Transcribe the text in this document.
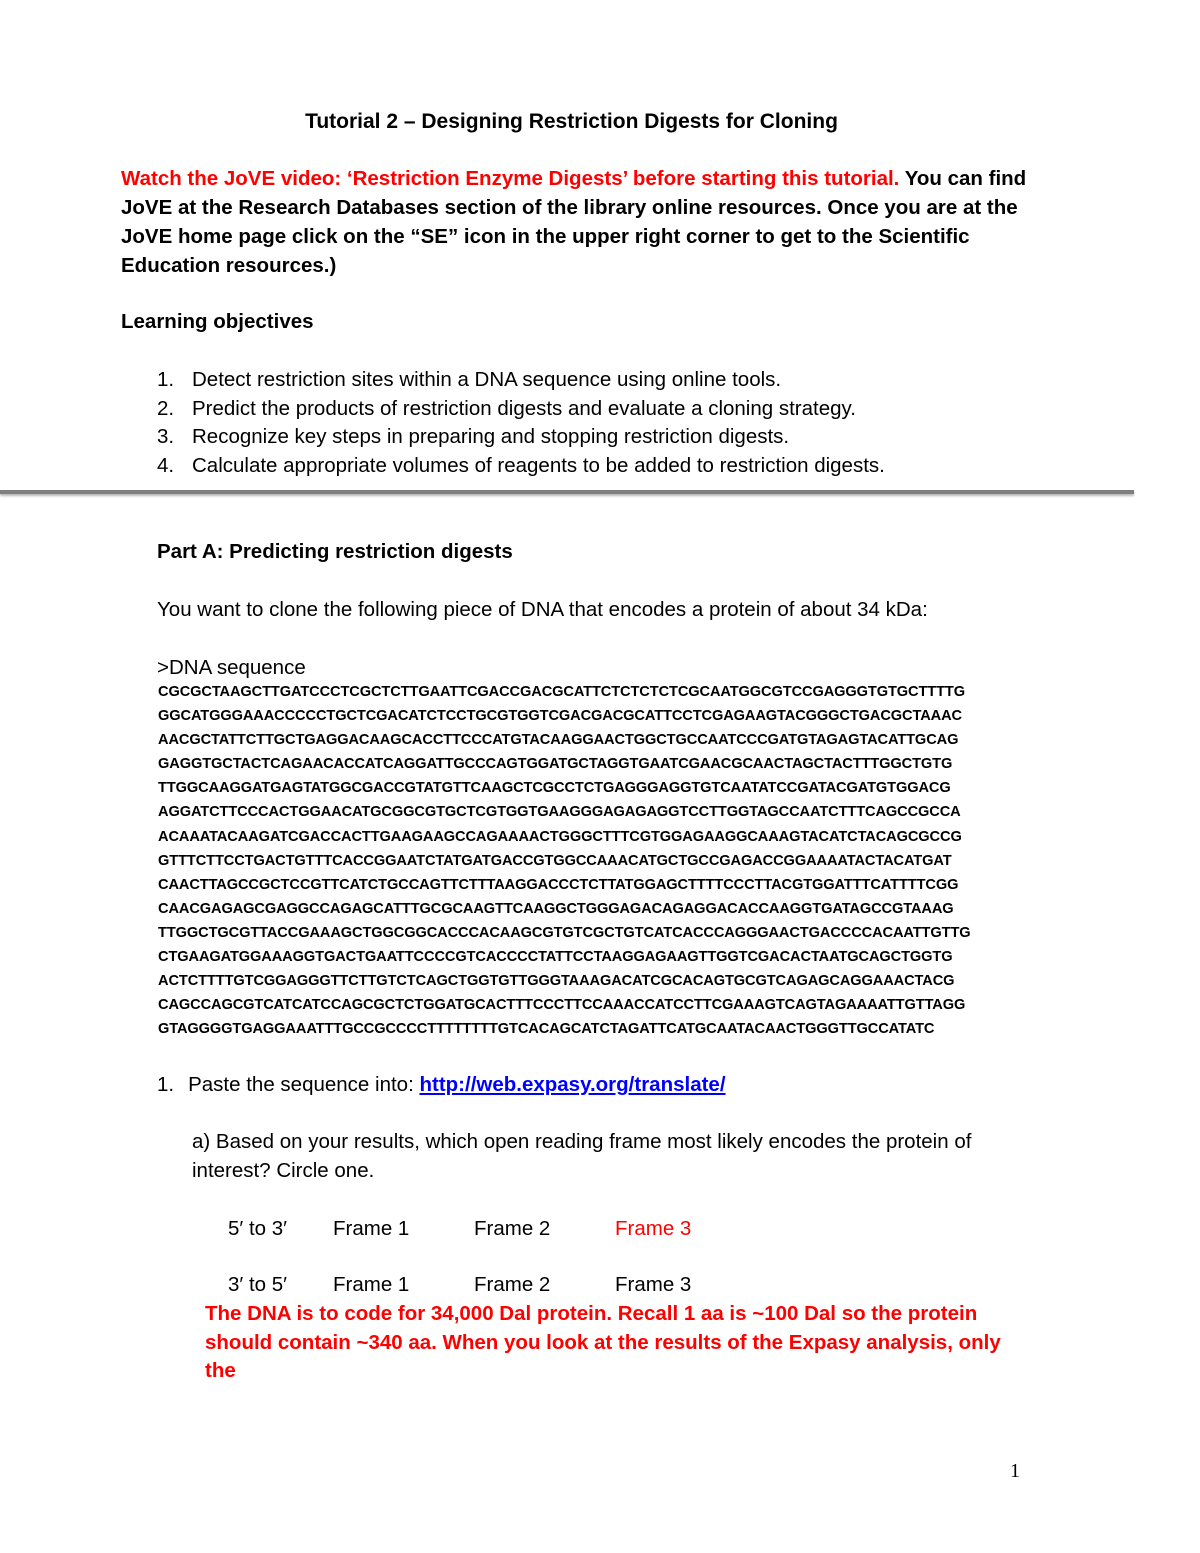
Tutorial 2 – Designing Restriction Digests for Cloning
Watch the JoVE video: ‘Restriction Enzyme Digests’ before starting this tutorial. You can find JoVE at the Research Databases section of the library online resources. Once you are at the JoVE home page click on the “SE” icon in the upper right corner to get to the Scientific Education resources.)
Learning objectives
1. Detect restriction sites within a DNA sequence using online tools.
2. Predict the products of restriction digests and evaluate a cloning strategy.
3. Recognize key steps in preparing and stopping restriction digests.
4. Calculate appropriate volumes of reagents to be added to restriction digests.
Part A: Predicting restriction digests
You want to clone the following piece of DNA that encodes a protein of about 34 kDa:
>DNA sequence
CGCGCTAAGCTTGATCCCTCGCTCTTGAATTCGACCGACGCATTCTCTCTCTCGCAATGGCGTCCGAGGGTGTGCTTTTG
GGCATGGGAAACCCCCTGCTCGACATCTCCTGCGTGGTCGACGACGCATTCCTCGAGAAGTACGGGCTGACGCTAAAC
AACGCTATTCTTGCTGAGGACAAGCACCTTCCCATGTACAAGGAACTGGCTGCCAATCCCGATGTAGAGTACATTGCAG
GAGGTGCTACTCAGAACACCATCAGGATTGCCCAGTGGATGCTAGGTGAATCGAACGCAACTAGCTACTTTGGCTGTG
TTGGCAAGGATGAGTATGGCGACCGTATGTTCAAGCTCGCCTCTGAGGGAGGTGTCAATATCCGATACGATGTGGACG
AGGATCTTCCCACTGGAACATGCGGCGTGCTCGTGGTGAAGGGAGAGAGGTCCTTGGTAGCCAATCTTTCAGCCGCCA
ACAAATACAAGATCGACCACTTGAAGAAGCCAGAAAACTGGGCTTTCGTGGAGAAGGCAAAGTACATCTACAGCGCCG
GTTTCTTCCTGACTGTTTCACCGGAATCTATGATGACCGTGGCCAAACATGCTGCCGAGACCGGAAAATACTACATGAT
CAACTTAGCCGCTCCGTTCATCTGCCAGTTCTTTAAGGACCCTCTTATGGAGCTTTTCCCTTACGTGGATTTCATTTTCGG
CAACGAGAGCGAGGCCAGAGCATTTGCGCAAGTTCAAGGCTGGGAGACAGAGGACACCAAGGTGATAGCCGTAAAG
TTGGCTGCGTTACCGAAAGCTGGCGGCACCCACAAGCGTGTCGCTGTCATCACCCAGGGAACTGACCCCACAATTGTTG
CTGAAGATGGAAAGGTGACTGAATTCCCCGTCACCCCTATTCCTAAGGAGAAGTTGGTCGACACTAATGCAGCTGGTG
ACTCTTTTGTCGGAGGGTTCTTGTCTCAGCTGGTGTTGGGTAAAGACATCGCACAGTGCGTCAGAGCAGGAAACTACG
CAGCCAGCGTCATCATCCAGCGCTCTGGATGCACTTTCCCTTCCAAACCATCCTTCGAAAGTCAGTAGAAAATTGTTAGG
GTAGGGGTGAGGAAATTTGCCGCCCCTTTTTTTTGTCACAGCATCTAGATTCATGCAATACAACTGGGTTGCCATATC
1. Paste the sequence into: http://web.expasy.org/translate/
a) Based on your results, which open reading frame most likely encodes the protein of interest? Circle one.
5′ to 3′ Frame 1	Frame 2	Frame 3
3′ to 5′ Frame 1	Frame 2	Frame 3
The DNA is to code for 34,000 Dal protein. Recall 1 aa is ~100 Dal so the protein should contain ~340 aa. When you look at the results of the Expasy analysis, only the
1
